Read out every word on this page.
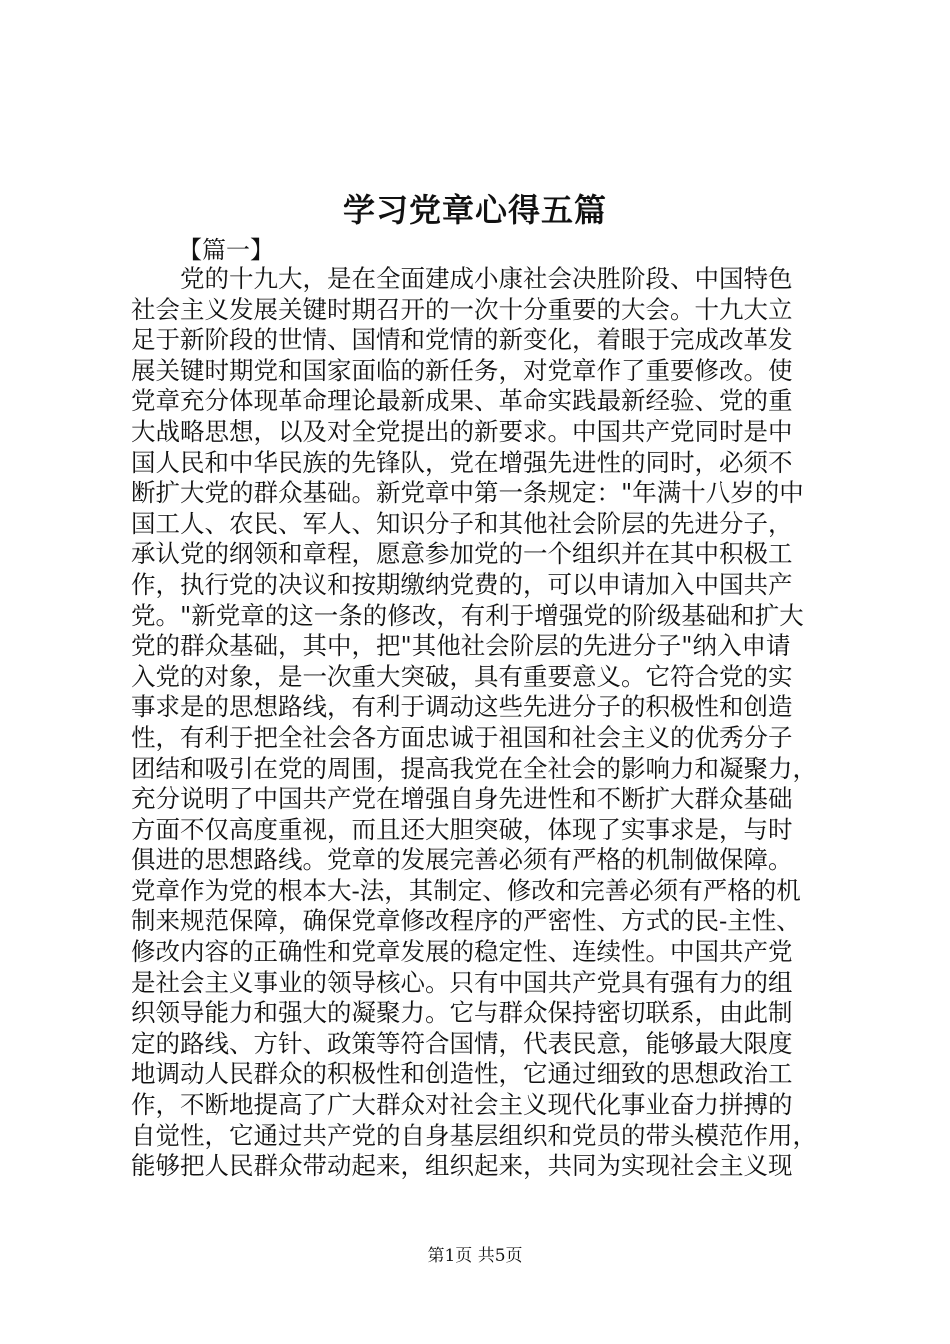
学习党章心得五篇

【篇一】

　　党的十九大，是在全面建成小康社会决胜阶段、中国特色
社会主义发展关键时期召开的一次十分重要的大会。十九大立
足于新阶段的世情、国情和党情的新变化，着眼于完成改革发
展关键时期党和国家面临的新任务，对党章作了重要修改。使
党章充分体现革命理论最新成果、革命实践最新经验、党的重
大战略思想，以及对全党提出的新要求。中国共产党同时是中
国人民和中华民族的先锋队，党在增强先进性的同时，必须不
断扩大党的群众基础。新党章中第一条规定："年满十八岁的中
国工人、农民、军人、知识分子和其他社会阶层的先进分子，
承认党的纲领和章程，愿意参加党的一个组织并在其中积极工
作，执行党的决议和按期缴纳党费的，可以申请加入中国共产
党。"新党章的这一条的修改，有利于增强党的阶级基础和扩大
党的群众基础，其中，把"其他社会阶层的先进分子"纳入申请
入党的对象，是一次重大突破，具有重要意义。它符合党的实
事求是的思想路线，有利于调动这些先进分子的积极性和创造
性，有利于把全社会各方面忠诚于祖国和社会主义的优秀分子
团结和吸引在党的周围，提高我党在全社会的影响力和凝聚力，
充分说明了中国共产党在增强自身先进性和不断扩大群众基础
方面不仅高度重视，而且还大胆突破，体现了实事求是，与时
俱进的思想路线。党章的发展完善必须有严格的机制做保障。
党章作为党的根本大-法，其制定、修改和完善必须有严格的机
制来规范保障，确保党章修改程序的严密性、方式的民-主性、
修改内容的正确性和党章发展的稳定性、连续性。中国共产党
是社会主义事业的领导核心。只有中国共产党具有强有力的组
织领导能力和强大的凝聚力。它与群众保持密切联系，由此制
定的路线、方针、政策等符合国情，代表民意，能够最大限度
地调动人民群众的积极性和创造性，它通过细致的思想政治工
作，不断地提高了广大群众对社会主义现代化事业奋力拼搏的
自觉性，它通过共产党的自身基层组织和党员的带头模范作用，
能够把人民群众带动起来，组织起来，共同为实现社会主义现

第1页 共5页
